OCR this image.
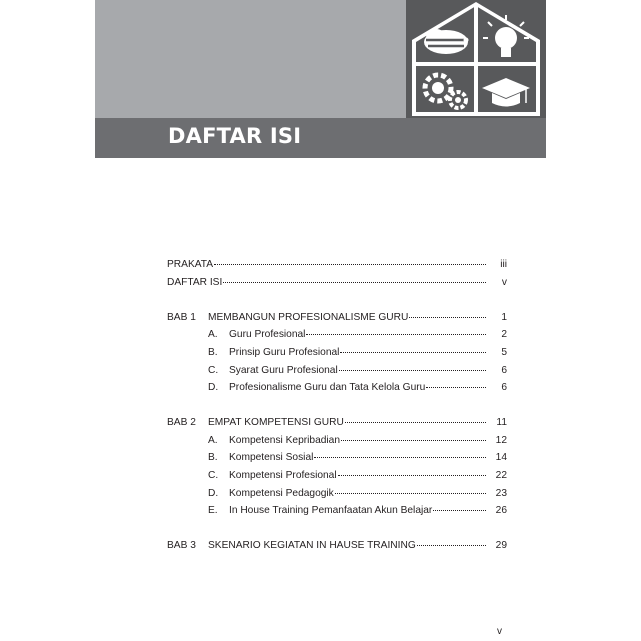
DAFTAR ISI
PRAKATA	iii
DAFTAR ISI	v
BAB 1	MEMBANGUN PROFESIONALISME GURU	1
A.	Guru Profesional	2
B.	Prinsip Guru Profesional	5
C.	Syarat Guru Profesional	6
D.	Profesionalisme Guru dan Tata Kelola Guru	6
BAB 2	EMPAT KOMPETENSI GURU	11
A.	Kompetensi Kepribadian	12
B.	Kompetensi Sosial	14
C.	Kompetensi Profesional	22
D.	Kompetensi Pedagogik	23
E.	In House Training Pemanfaatan Akun Belajar	26
BAB 3	SKENARIO KEGIATAN IN HAUSE TRAINING	29
v
